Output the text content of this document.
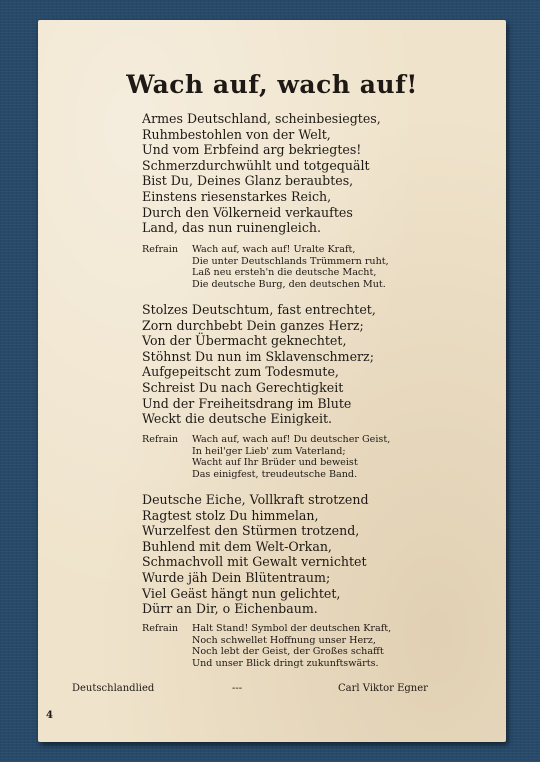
Wach auf, wach auf!
Armes Deutschland, scheinbesiegtes,
Ruhmbestohlen von der Welt,
Und vom Erbfeind arg bekriegtes!
Schmerzdurchwühlt und totgequält
Bist Du, Deines Glanz beraubtes,
Einstens riesenstarkes Reich,
Durch den Völkerneid verkauftes
Land, das nun ruinengleich.
Refrain Wach auf, wach auf! Uralte Kraft,
Die unter Deutschlands Trümmern ruht,
Laß neu ersteh'n die deutsche Macht,
Die deutsche Burg, den deutschen Mut.
Stolzes Deutschtum, fast entrechtet,
Zorn durchbebt Dein ganzes Herz;
Von der Übermacht geknechtet,
Stöhnst Du nun im Sklavenschmerz;
Aufgepeitscht zum Todesmute,
Schreist Du nach Gerechtigkeit
Und der Freiheitsdrang im Blute
Weckt die deutsche Einigkeit.
Refrain Wach auf, wach auf! Du deutscher Geist,
In heil'ger Lieb' zum Vaterland;
Wacht auf Ihr Brüder und beweist
Das einigfest, treudeutsche Band.
Deutsche Eiche, Vollkraft strotzend
Ragtest stolz Du himmelan,
Wurzelfest den Stürmen trotzend,
Buhlend mit dem Welt-Orkan,
Schmachvoll mit Gewalt vernichtet
Wurde jäh Dein Blütentraum;
Viel Geäst hängt nun gelichtet,
Dürr an Dir, o Eichenbaum.
Refrain Halt Stand! Symbol der deutschen Kraft,
Noch schwellet Hoffnung unser Herz,
Noch lebt der Geist, der Großes schafft
Und unser Blick dringt zukunftswärts.
Deutschlandlied	---	Carl Viktor Egner
4
